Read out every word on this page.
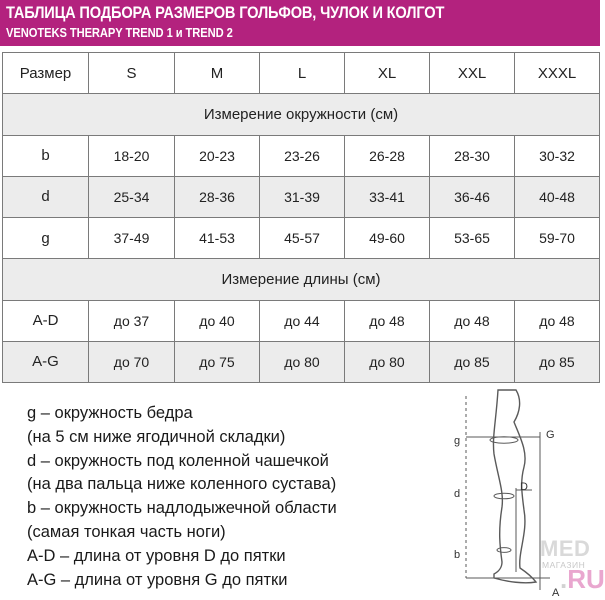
ТАБЛИЦА ПОДБОРА РАЗМЕРОВ ГОЛЬФОВ, ЧУЛОК И КОЛГОТ
VENOTEKS THERAPY TREND 1 и TREND 2
Размер	S	M	L	XL	XXL	XXXL
Измерение окружности (см)						
b	18-20	20-23	23-26	26-28	28-30	30-32
d	25-34	28-36	31-39	33-41	36-46	40-48
g	37-49	41-53	45-57	49-60	53-65	59-70
Измерение длины (см)						
A-D	до 37	до 40	до 44	до 48	до 48	до 48
A-G	до 70	до 75	до 80	до 80	до 85	до 85
g – окружность бедра
(на 5 см ниже ягодичной складки)
d – окружность под коленной чашечкой
(на два пальца ниже коленного сустава)
b – окружность надлодыжечной области
(самая тонкая часть ноги)
A-D – длина от уровня D до пятки
A-G – длина от уровня G до пятки
g
d
b
G
D
A
MED
МАГАЗИН
.RU
